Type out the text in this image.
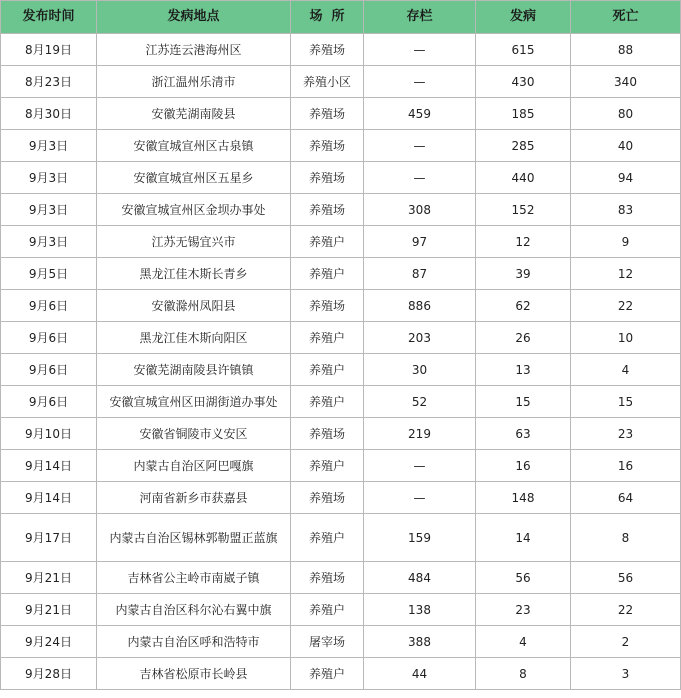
发布时间	发病地点	场  所	存栏	发病	死亡
8月19日	江苏连云港海州区	养殖场	—	615	88
8月23日	浙江温州乐清市	养殖小区	—	430	340
8月30日	安徽芜湖南陵县	养殖场	459	185	80
9月3日	安徽宣城宣州区古泉镇	养殖场	—	285	40
9月3日	安徽宣城宣州区五星乡	养殖场	—	440	94
9月3日	安徽宣城宣州区金坝办事处	养殖场	308	152	83
9月3日	江苏无锡宜兴市	养殖户	97	12	9
9月5日	黑龙江佳木斯长青乡	养殖户	87	39	12
9月6日	安徽滁州凤阳县	养殖场	886	62	22
9月6日	黑龙江佳木斯向阳区	养殖户	203	26	10
9月6日	安徽芜湖南陵县许镇镇	养殖户	30	13	4
9月6日	安徽宣城宣州区田湖街道办事处	养殖户	52	15	15
9月10日	安徽省铜陵市义安区	养殖场	219	63	23
9月14日	内蒙古自治区阿巴嘎旗	养殖户	—	16	16
9月14日	河南省新乡市获嘉县	养殖场	—	148	64
9月17日	内蒙古自治区锡林郭勒盟正蓝旗	养殖户	159	14	8
9月21日	吉林省公主岭市南崴子镇	养殖场	484	56	56
9月21日	内蒙古自治区科尔沁右翼中旗	养殖户	138	23	22
9月24日	内蒙古自治区呼和浩特市	屠宰场	388	4	2
9月28日	吉林省松原市长岭县	养殖户	44	8	3
